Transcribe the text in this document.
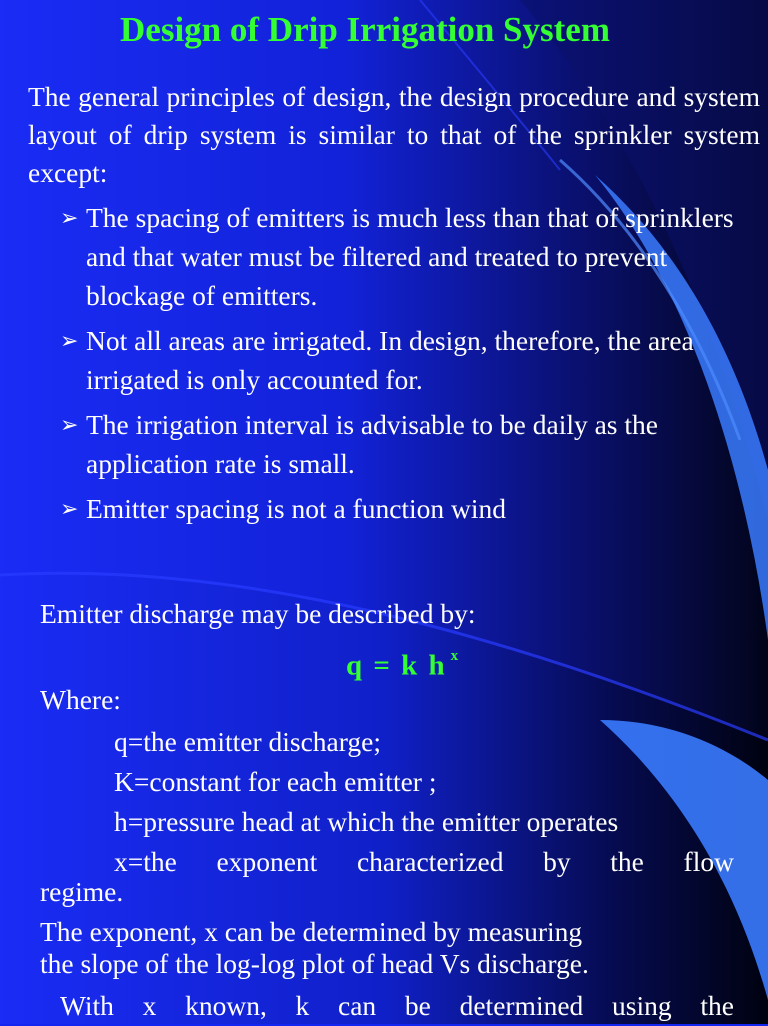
Design of Drip Irrigation System
The general principles of design, the design procedure and system layout of drip system is similar to that of the sprinkler system except:
➢ The spacing of emitters is much less than that of sprinklers and that water must be filtered and treated to prevent blockage of emitters.
➢ Not all areas are irrigated. In design, therefore, the area irrigated is only accounted for.
➢ The irrigation interval is advisable to be daily as the application rate is small.
➢ Emitter spacing is not a function wind
Emitter discharge may be described by:
q = k h $^x$
Where:
q=the emitter discharge;
K=constant for each emitter ;
h=pressure head at which the emitter operates
x=the exponent characterized by the flow
regime.
The exponent, x can be determined by measuring
the slope of the log-log plot of head Vs discharge.
With x known, k can be determined using the
